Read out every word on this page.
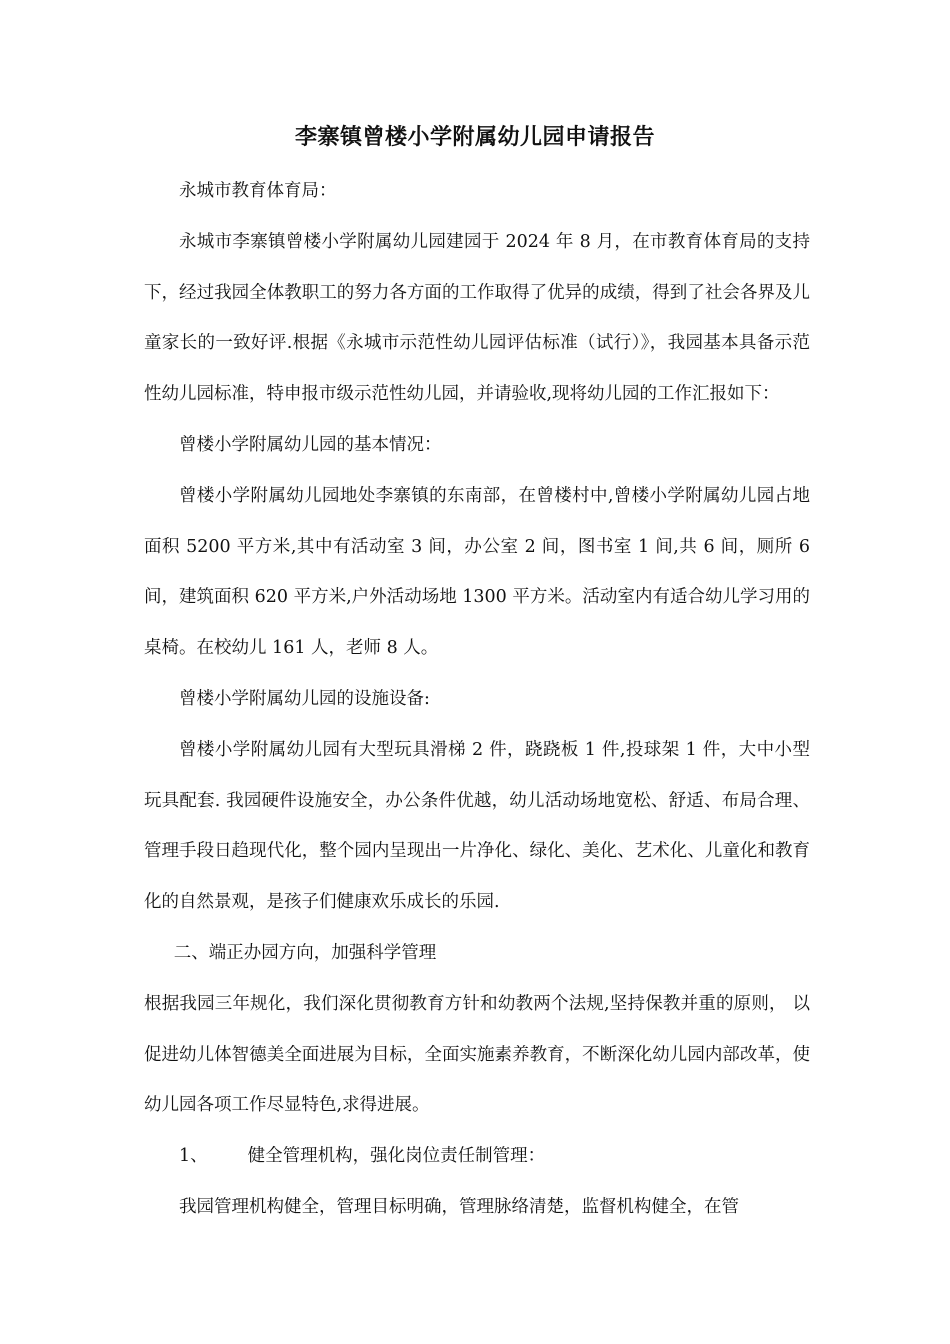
李寨镇曾楼小学附属幼儿园申请报告

永城市教育体育局：

永城市李寨镇曾楼小学附属幼儿园建园于 2024 年 8 月，在市教育体育局的支持下，经过我园全体教职工的努力各方面的工作取得了优异的成绩，得到了社会各界及儿童家长的一致好评.根据《永城市示范性幼儿园评估标准（试行）》，我园基本具备示范性幼儿园标准，特申报市级示范性幼儿园，并请验收,现将幼儿园的工作汇报如下：

曾楼小学附属幼儿园的基本情况：

曾楼小学附属幼儿园地处李寨镇的东南部，在曾楼村中,曾楼小学附属幼儿园占地面积 5200 平方米,其中有活动室 3 间，办公室 2 间，图书室 1 间,共 6 间，厕所 6 间，建筑面积 620 平方米,户外活动场地 1300 平方米。活动室内有适合幼儿学习用的桌椅。在校幼儿 161 人，老师 8 人。

曾楼小学附属幼儿园的设施设备:

曾楼小学附属幼儿园有大型玩具滑梯 2 件，跷跷板 1 件,投球架 1 件，大中小型玩具配套. 我园硬件设施安全，办公条件优越，幼儿活动场地宽松、舒适、布局合理、管理手段日趋现代化，整个园内呈现出一片净化、绿化、美化、艺术化、儿童化和教育化的自然景观，是孩子们健康欢乐成长的乐园.

二、端正办园方向，加强科学管理

根据我园三年规化，我们深化贯彻教育方针和幼教两个法规,坚持保教并重的原则， 以促进幼儿体智德美全面进展为目标，全面实施素养教育，不断深化幼儿园内部改革，使幼儿园各项工作尽显特色,求得进展。

1、 健全管理机构，强化岗位责任制管理：

我园管理机构健全，管理目标明确，管理脉络清楚，监督机构健全，在管
